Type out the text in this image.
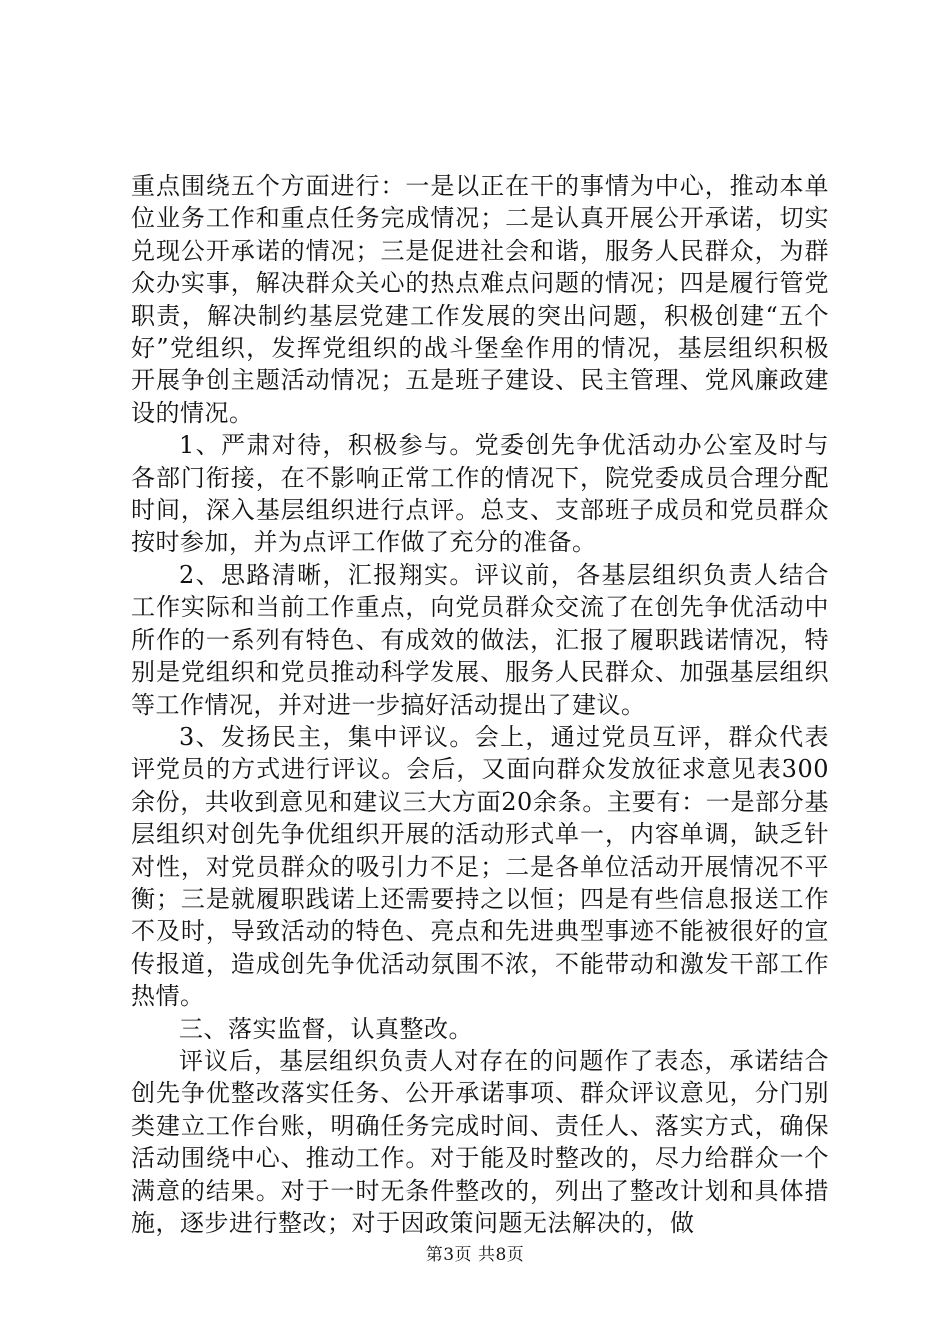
重点围绕五个方面进行：一是以正在干的事情为中心，推动本单位业务工作和重点任务完成情况；二是认真开展公开承诺，切实兑现公开承诺的情况；三是促进社会和谐，服务人民群众，为群众办实事，解决群众关心的热点难点问题的情况；四是履行管党职责，解决制约基层党建工作发展的突出问题，积极创建“五个好”党组织，发挥党组织的战斗堡垒作用的情况，基层组织积极开展争创主题活动情况；五是班子建设、民主管理、党风廉政建设的情况。

1、严肃对待，积极参与。党委创先争优活动办公室及时与各部门衔接，在不影响正常工作的情况下，院党委成员合理分配时间，深入基层组织进行点评。总支、支部班子成员和党员群众按时参加，并为点评工作做了充分的准备。

2、思路清晰，汇报翔实。评议前，各基层组织负责人结合工作实际和当前工作重点，向党员群众交流了在创先争优活动中所作的一系列有特色、有成效的做法，汇报了履职践诺情况，特别是党组织和党员推动科学发展、服务人民群众、加强基层组织等工作情况，并对进一步搞好活动提出了建议。

3、发扬民主，集中评议。会上，通过党员互评，群众代表评党员的方式进行评议。会后，又面向群众发放征求意见表300余份，共收到意见和建议三大方面20余条。主要有：一是部分基层组织对创先争优组织开展的活动形式单一，内容单调，缺乏针对性，对党员群众的吸引力不足；二是各单位活动开展情况不平衡；三是就履职践诺上还需要持之以恒；四是有些信息报送工作不及时，导致活动的特色、亮点和先进典型事迹不能被很好的宣传报道，造成创先争优活动氛围不浓，不能带动和激发干部工作热情。

三、落实监督，认真整改。

评议后，基层组织负责人对存在的问题作了表态，承诺结合创先争优整改落实任务、公开承诺事项、群众评议意见，分门别类建立工作台账，明确任务完成时间、责任人、落实方式，确保活动围绕中心、推动工作。对于能及时整改的，尽力给群众一个满意的结果。对于一时无条件整改的，列出了整改计划和具体措施，逐步进行整改；对于因政策问题无法解决的，做

第3页 共8页
